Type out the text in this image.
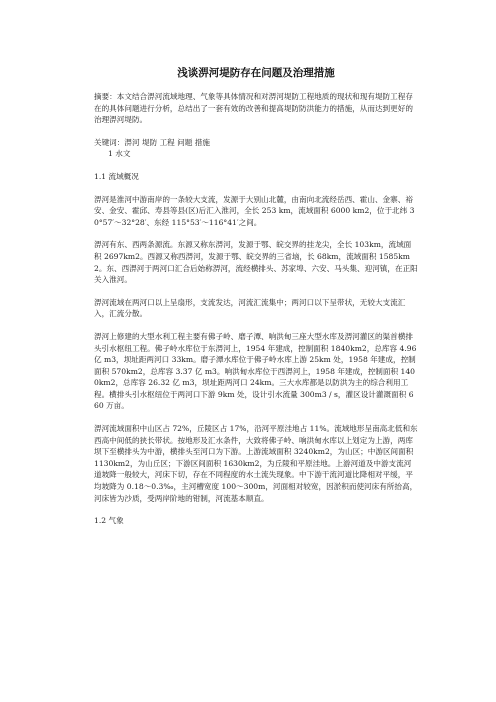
浅谈淠河堤防存在问题及治理措施

摘要：本文结合淠河流域地理、气象等具体情况和对淠河堤防工程地质的现状和现有堤防工程存在的具体问题进行分析，总结出了一套有效的改善和提高堤防防洪能力的措施，从而达到更好的治理淠河堤防。

关键词：淠河 堤防 工程 问题 措施

1 水文

1.1 流域概况

淠河是淮河中游南岸的一条较大支流，发源于大别山北麓，由南向北流经岳西、霍山、金寨、裕安、金安、霍邱、寿县等县(区)后汇入淮河，全长 253 km，流域面积 6000 km2，位于北纬 30°57′～32°28′、东经 115°53′～116°41′之间。

淠河有东、西两条源流。东源又称东淠河，发源于鄂、皖交界的挂龙尖，全长 103km，流域面积 2697km2。西源又称西淠河，发源于鄂、皖交界的三省垴，长 68km，流域面积 1585km2。东、西淠河于两河口汇合后始称淠河，流经横排头、苏家埠、六安、马头集、迎河镇，在正阳关入淮河。

淠河流域在两河口以上呈扇形，支流发达，河流汇流集中；两河口以下呈带状，无较大支流汇入，汇流分散。

淠河上修建的大型水利工程主要有佛子岭、磨子潭、响洪甸三座大型水库及淠河灌区的渠首横排头引水枢纽工程。佛子岭水库位于东淠河上，1954 年建成，控制面积 1840km2，总库容 4.96 亿 m3，坝址距两河口 33km。磨子潭水库位于佛子岭水库上游 25km 处，1958 年建成，控制面积 570km2，总库容 3.37 亿 m3。响洪甸水库位于西淠河上，1958 年建成，控制面积 1400km2，总库容 26.32 亿 m3，坝址距两河口 24km。三大水库都是以防洪为主的综合利用工程。横排头引水枢纽位于两河口下游 9km 处，设计引水流量 300m3 / s，灌区设计灌溉面积 660 万亩。

淠河流域面积中山区占 72%，丘陵区占 17%，沿河平原洼地占 11%。流域地形呈南高北低和东西高中间低的狭长带状。按地形及汇水条件，大致将佛子岭、响洪甸水库以上划定为上游，两库坝下至横排头为中游，横排头至河口为下游。上游流域面积 3240km2，为山区；中游区间面积 1130km2，为山丘区；下游区间面积 1630km2，为丘陵和平原洼地。上游河道及中游支流河道坡降一般较大，河床下切，存在不同程度的水土流失现象。中下游干流河道比降相对平缓，平均坡降为 0.18～0.3‰，主河槽宽度 100～300m，河面相对较宽，因淤积而使河床有所抬高，河床皆为沙质，受两岸阶地的钳制，河流基本顺直。

1.2 气象
